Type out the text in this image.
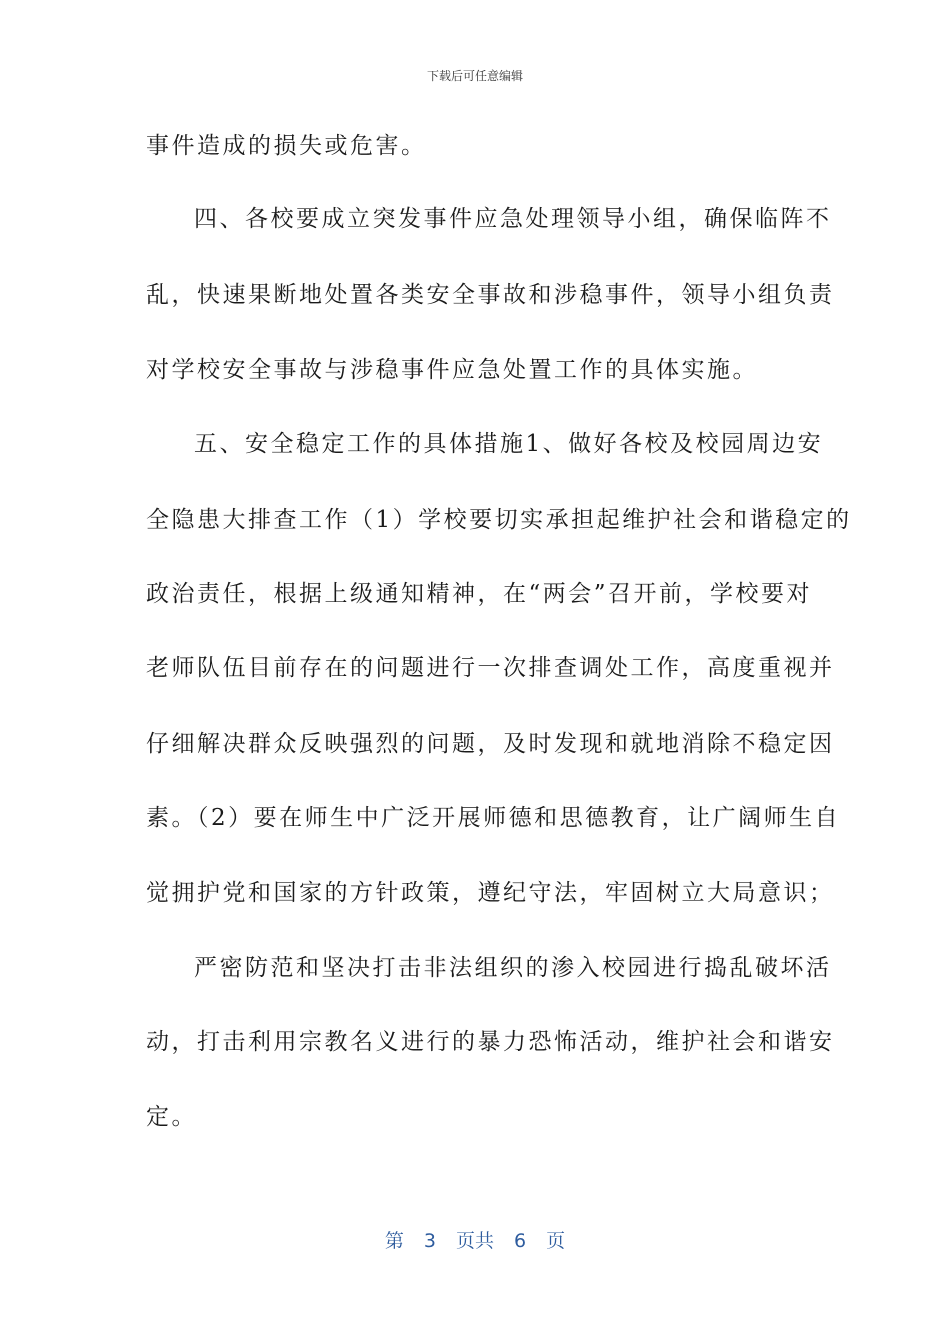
下载后可任意编辑
事件造成的损失或危害。
四、各校要成立突发事件应急处理领导小组，确保临阵不
乱，快速果断地处置各类安全事故和涉稳事件，领导小组负责
对学校安全事故与涉稳事件应急处置工作的具体实施。
五、安全稳定工作的具体措施1、做好各校及校园周边安
全隐患大排查工作（1）学校要切实承担起维护社会和谐稳定的
政治责任，根据上级通知精神，在“两会”召开前，学校要对
老师队伍目前存在的问题进行一次排查调处工作，高度重视并
仔细解决群众反映强烈的问题，及时发现和就地消除不稳定因
素。（2）要在师生中广泛开展师德和思德教育，让广阔师生自
觉拥护党和国家的方针政策，遵纪守法，牢固树立大局意识；
严密防范和坚决打击非法组织的渗入校园进行捣乱破坏活
动，打击利用宗教名义进行的暴力恐怖活动，维护社会和谐安
定。
第 3 页共 6 页
